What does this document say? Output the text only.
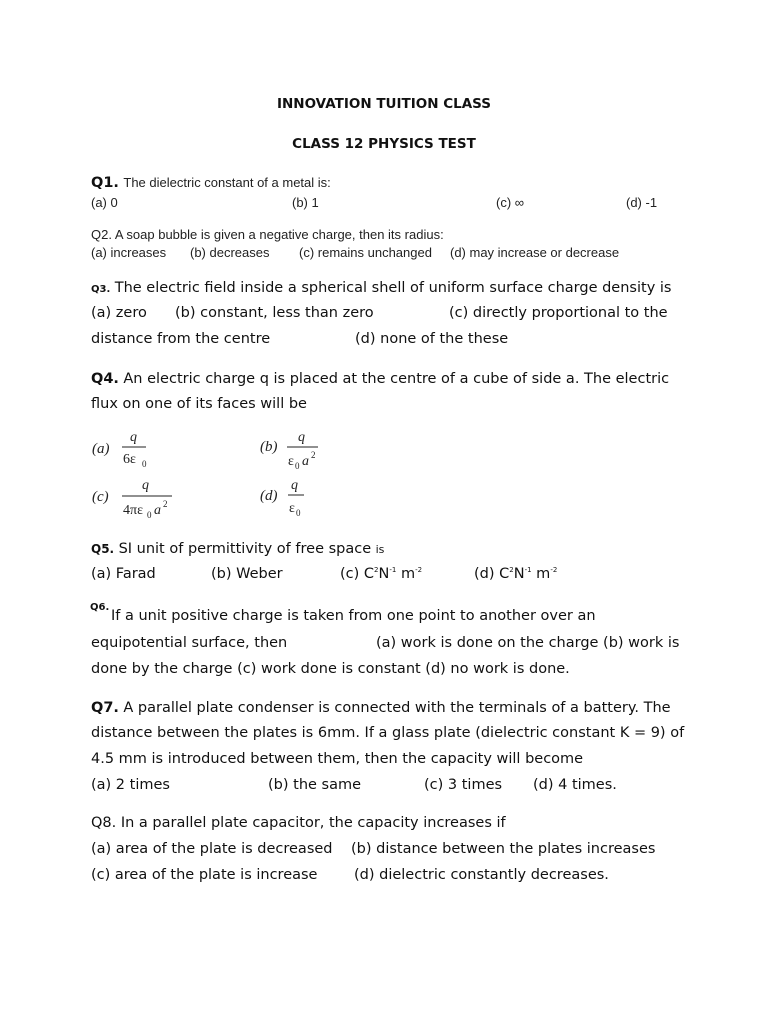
INNOVATION TUITION CLASS
CLASS 12 PHYSICS TEST
Q1. The dielectric constant of a metal is:
(a) 0	(b) 1	(c) ∞	(d) -1
Q2. A soap bubble is given a negative charge, then its radius:
(a) increases (b) decreases (c) remains unchanged (d) may increase or decrease
Q3. The electric field inside a spherical shell of uniform surface charge density is
(a) zero (b) constant, less than zero	(c) directly proportional to the
distance from the centre	(d) none of the these
Q4. An electric charge q is placed at the centre of a cube of side a. The electric
flux on one of its faces will be
(a)
q
6ε 0
(b)
q
ε 0 a 2
(c)
q
4πε 0 a 2	(d)
q
ε 0
Q5. SI unit of permittivity of free space is
(a) Farad	(b) Weber	(c) $C^2N^{-1}$ $m^{-2}$	(d) $C^2N^{-1}$ $m^{-2}$
Q6.
If a unit positive charge is taken from one point to another over an
equipotential surface, then	(a) work is done on the charge (b) work is
done by the charge (c) work done is constant (d) no work is done.
Q7. A parallel plate condenser is connected with the terminals of a battery. The
distance between the plates is 6mm. If a glass plate (dielectric constant K = 9) of
4.5 mm is introduced between them, then the capacity will become
(a) 2 times	(b) the same	(c) 3 times (d) 4 times.
Q8. In a parallel plate capacitor, the capacity increases if
(a) area of the plate is decreased (b) distance between the plates increases
(c) area of the plate is increase	(d) dielectric constantly decreases.
